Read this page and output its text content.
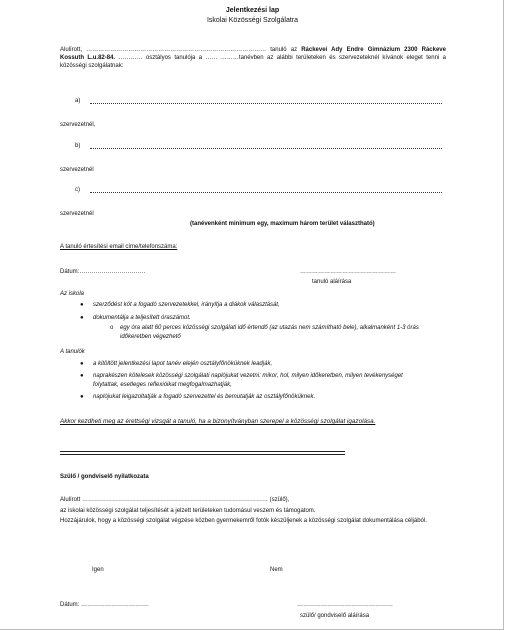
Jelentkezési lap
Iskolai Közösségi Szolgálatra
Alulírott, ……………………………………………………………………………… tanuló az Ráckevei Ady Endre Gimnázium 2300 Ráckeve Kossuth L.u.82-84. ………… osztályos tanulója a …… ………tanévben az alábbi területeken és szervezeteknél kívánok eleget tenni a közösségi szolgálatnak:
a)
szervezetnél,
b)
szervezetnél
c)
szervezetnél
(tanévenként minimum egy, maximum három terület választható)
A tanuló értesítési email címe/telefonszáma:
Dátum:……………………………	…………………………………………
tanuló aláírása
Az iskola
● szerződést köt a fogadó szervezetekkel, irányítja a diákok választását,
● dokumentálja a teljesített óraszámot.
o egy óra alatt 60 perces közösségi szolgálati idő értendő (az utazás nem számítható bele), alkalmanként 1-3 órás időkeretben végezhető
A tanulók
● a kitöltött jelentkezési lapot tanév elején osztályfőnöküknek leadják,
● naprakészen kötelesek közösségi szolgálati naplójukat vezetni: mikor, hol, milyen időkeretben, milyen tevékenységet folytattak, esetleges reflexióikat megfogalmazhatják,
● naplójukat leigazoltatják a fogadó szervezettel és bemutatják az osztályfőnöküknek.
Akkor kezdheti meg az érettségi vizsgát a tanuló, ha a bizonyítványban szerepel a közösségi szolgálat igazolása.
Szülő / gondviselő nyilatkozata
Alulírott ………………………………………………………………………………… (szülő),
az iskolai közösségi szolgálat teljesítését a jelzett területeken tudomásul veszem és támogatom.
Hozzájárulok, hogy a közösségi szolgálat végzése közben gyermekemről fotók készüljenek a közösségi szolgálat dokumentálása céljából.
Igen	Nem
Dátum: …………………………….	…………………………………………
szülő/ gondviselő aláírása
